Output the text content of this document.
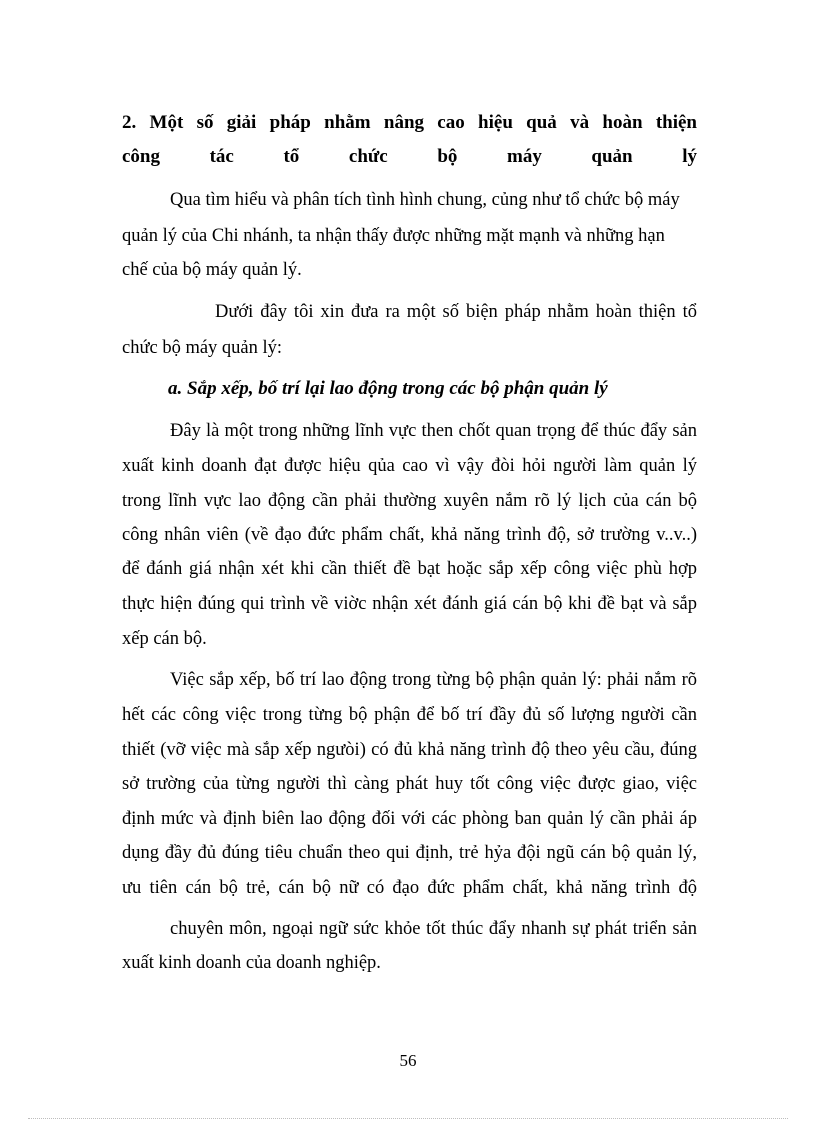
2. Một số giải pháp nhằm nâng cao hiệu quả và hoàn thiện
công tác tổ chức bộ máy quản lý
Qua tìm hiểu và phân tích tình hình chung, củng như tổ chức bộ máy
quản lý của Chi nhánh, ta nhận thấy được những mặt mạnh và những hạn
chế của bộ máy quản lý.
Dưới đây tôi xin đưa ra một số biện pháp nhằm hoàn thiện tổ
chức bộ máy quản lý:
a. Sắp xếp, bố trí lại lao động trong các bộ phận quản lý
Đây là một trong những lĩnh vực then chốt quan trọng để thúc đẩy sản
xuất kinh doanh đạt được hiệu qủa cao vì vậy đòi hỏi người làm quản lý
trong lĩnh vực lao động cần phải thường xuyên nắm rõ lý lịch của cán bộ
công nhân viên (về đạo đức phẩm chất, khả năng trình độ, sở trường v..v..)
để đánh giá nhận xét khi cần thiết đề bạt hoặc sắp xếp công việc phù hợp
thực hiện đúng qui trình về viờc nhận xét đánh giá cán bộ khi đề bạt và sắp
xếp cán bộ.
Việc sắp xếp, bố trí lao động trong từng bộ phận quản lý: phải nắm rõ
hết các công việc trong từng bộ phận để bố trí đầy đủ số lượng người cần
thiết (vỡ việc mà sắp xếp ngưòi) có đủ khả năng trình độ theo yêu cầu, đúng
sở trường của từng người thì càng phát huy tốt công việc được giao, việc
định mức và định biên lao động đối với các phòng ban quản lý cần phải áp
dụng đầy đủ đúng tiêu chuẩn theo qui định, trẻ hỷa đội ngũ cán bộ quản lý,
ưu tiên cán bộ trẻ, cán bộ nữ có đạo đức phẩm chất, khả năng trình độ
chuyên môn, ngoại ngữ sức khỏe tốt thúc đẩy nhanh sự phát triển sản
xuất kinh doanh của doanh nghiệp.
56
